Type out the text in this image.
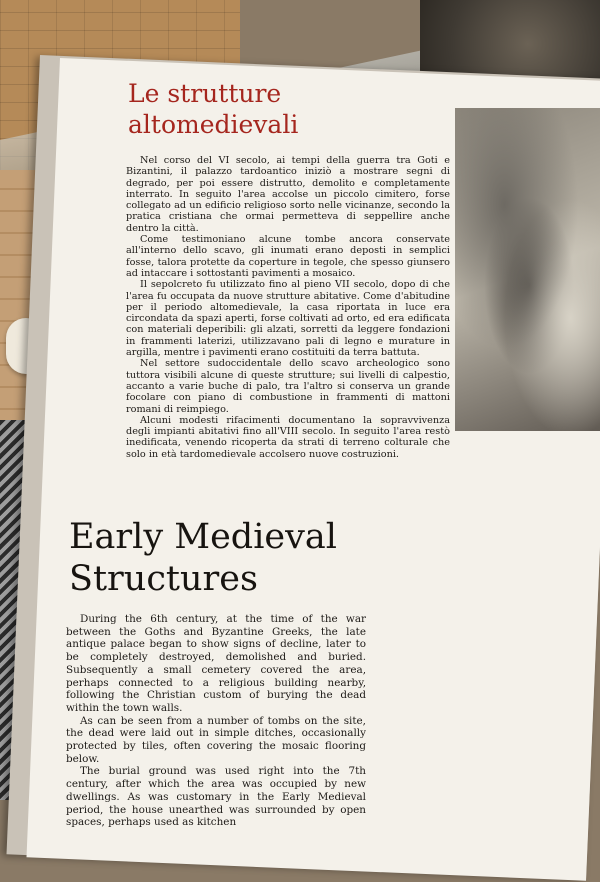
Le strutture
altomedievali

Nel corso del VI secolo, ai tempi della guerra tra Goti e Bizantini, il palazzo tardoantico iniziò a mostrare segni di degrado, per poi essere distrutto, demolito e completamente interrato. In seguito l'area accolse un piccolo cimitero, forse collegato ad un edificio religioso sorto nelle vicinanze, secondo la pratica cristiana che ormai permetteva di seppellire anche dentro la città.

Come testimoniano alcune tombe ancora conservate all'interno dello scavo, gli inumati erano deposti in semplici fosse, talora protette da coperture in tegole, che spesso giunsero ad intaccare i sottostanti pavimenti a mosaico.

Il sepolcreto fu utilizzato fino al pieno VII secolo, dopo di che l'area fu occupata da nuove strutture abitative. Come d'abitudine per il periodo altomedievale, la casa riportata in luce era circondata da spazi aperti, forse coltivati ad orto, ed era edificata con materiali deperibili: gli alzati, sorretti da leggere fondazioni in frammenti laterizi, utilizzavano pali di legno e murature in argilla, mentre i pavimenti erano costituiti da terra battuta.

Nel settore sudoccidentale dello scavo archeologico sono tuttora visibili alcune di queste strutture; sui livelli di calpestio, accanto a varie buche di palo, tra l'altro si conserva un grande focolare con piano di combustione in frammenti di mattoni romani di reimpiego.

Alcuni modesti rifacimenti documentano la sopravvivenza degli impianti abitativi fino all'VIII secolo. In seguito l'area restò inedificata, venendo ricoperta da strati di terreno colturale che solo in età tardomedievale accolsero nuove costruzioni.

Early Medieval
Structures

During the 6th century, at the time of the war between the Goths and Byzantine Greeks, the late antique palace began to show signs of decline, later to be completely destroyed, demolished and buried. Subsequently a small cemetery covered the area, perhaps connected to a religious building nearby, following the Christian custom of burying the dead within the town walls.

As can be seen from a number of tombs on the site, the dead were laid out in simple ditches, occasionally protected by tiles, often covering the mosaic flooring below.

The burial ground was used right into the 7th century, after which the area was occupied by new dwellings. As was customary in the Early Medieval period, the house unearthed was surrounded by open spaces, perhaps used as kitchen
